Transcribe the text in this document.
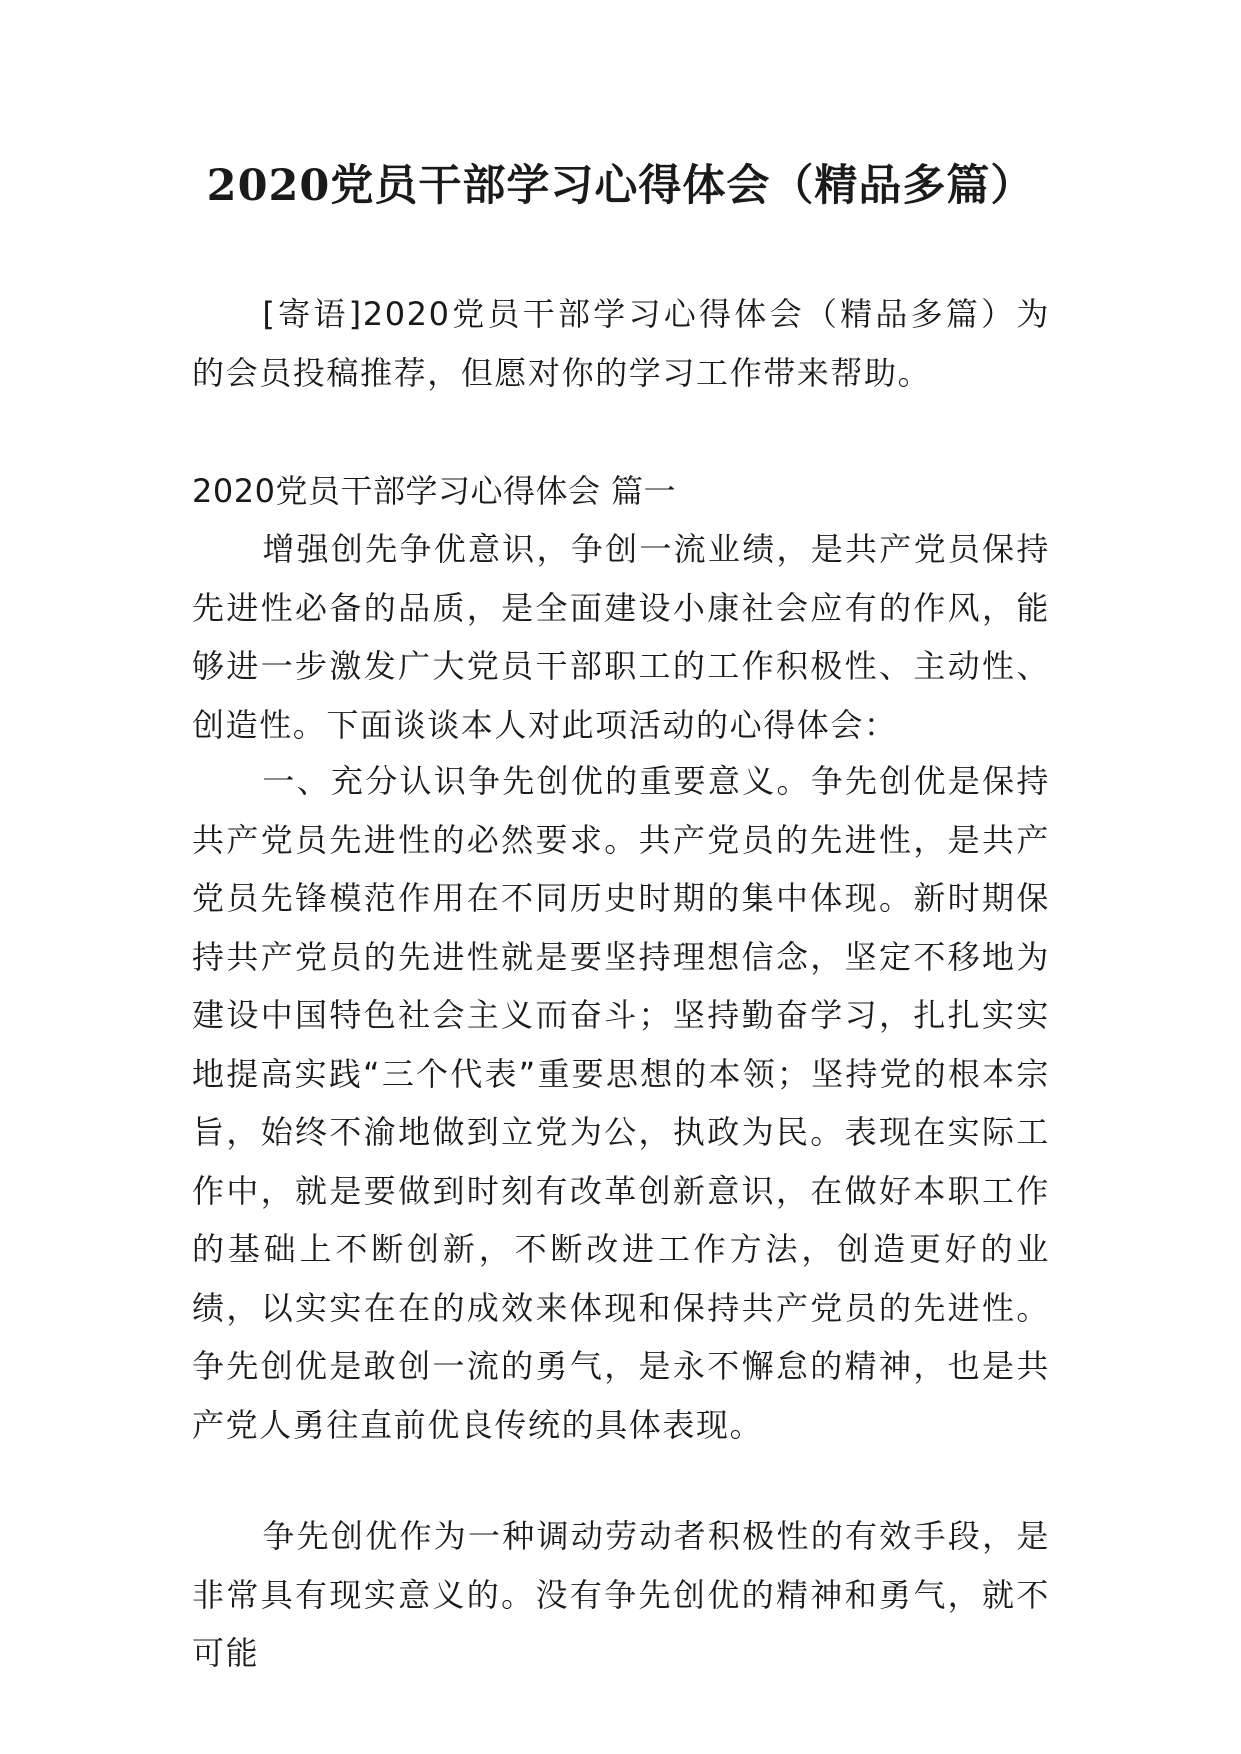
2020党员干部学习心得体会（精品多篇）

[寄语]2020党员干部学习心得体会（精品多篇）为的会员投稿推荐，但愿对你的学习工作带来帮助。

2020党员干部学习心得体会 篇一

增强创先争优意识，争创一流业绩，是共产党员保持先进性必备的品质，是全面建设小康社会应有的作风，能够进一步激发广大党员干部职工的工作积极性、主动性、创造性。下面谈谈本人对此项活动的心得体会：

一、充分认识争先创优的重要意义。争先创优是保持共产党员先进性的必然要求。共产党员的先进性，是共产党员先锋模范作用在不同历史时期的集中体现。新时期保持共产党员的先进性就是要坚持理想信念，坚定不移地为建设中国特色社会主义而奋斗；坚持勤奋学习，扎扎实实地提高实践“三个代表”重要思想的本领；坚持党的根本宗旨，始终不渝地做到立党为公，执政为民。表现在实际工作中，就是要做到时刻有改革创新意识，在做好本职工作的基础上不断创新，不断改进工作方法，创造更好的业绩，以实实在在的成效来体现和保持共产党员的先进性。 争先创优是敢创一流的勇气，是永不懈怠的精神，也是共产党人勇往直前优良传统的具体表现。

争先创优作为一种调动劳动者积极性的有效手段，是非常具有现实意义的。没有争先创优的精神和勇气，就不可能
